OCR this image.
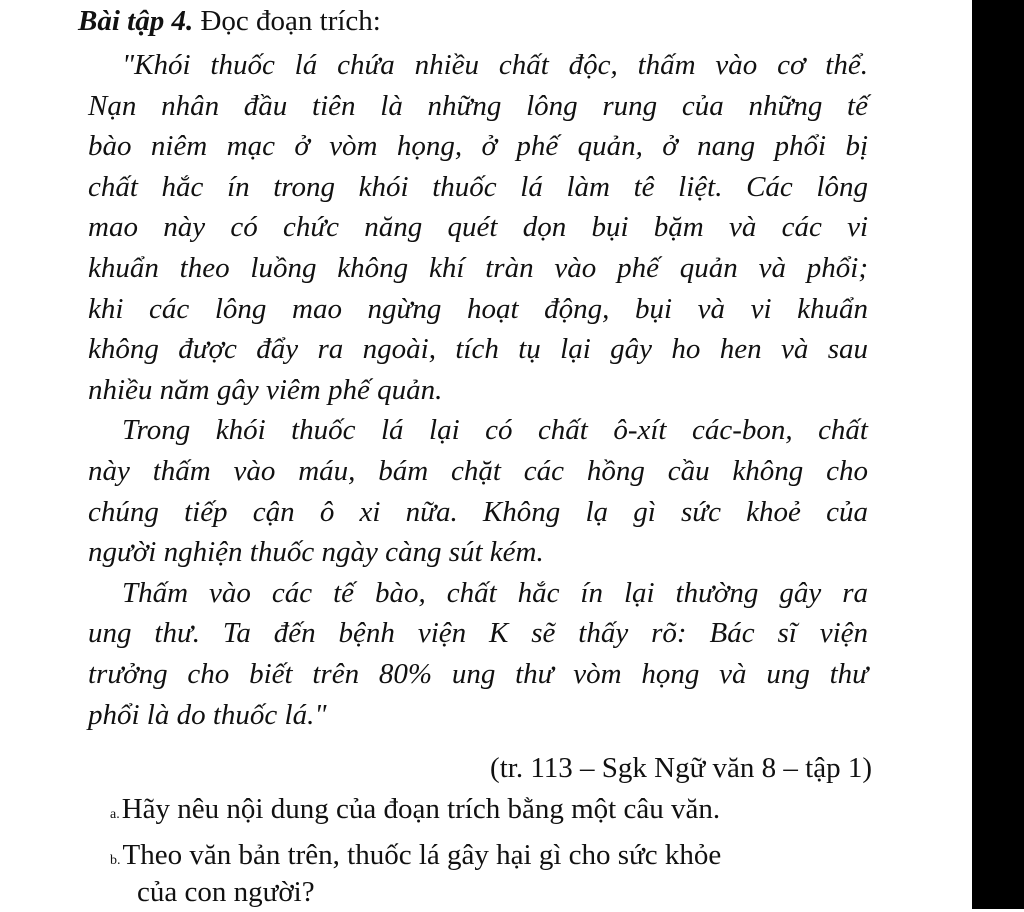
Bài tập 4. Đọc đoạn trích:
"Khói thuốc lá chứa nhiều chất độc, thấm vào cơ thể.
Nạn nhân đầu tiên là những lông rung của những tế
bào niêm mạc ở vòm họng, ở phế quản, ở nang phổi bị
chất hắc ín trong khói thuốc lá làm tê liệt. Các lông
mao này có chức năng quét dọn bụi bặm và các vi
khuẩn theo luồng không khí tràn vào phế quản và phổi;
khi các lông mao ngừng hoạt động, bụi và vi khuẩn
không được đẩy ra ngoài, tích tụ lại gây ho hen và sau
nhiều năm gây viêm phế quản.
Trong khói thuốc lá lại có chất ô-xít các-bon, chất
này thấm vào máu, bám chặt các hồng cầu không cho
chúng tiếp cận ô xi nữa. Không lạ gì sức khoẻ của
người nghiện thuốc ngày càng sút kém.
Thấm vào các tế bào, chất hắc ín lại thường gây ra
ung thư. Ta đến bệnh viện K sẽ thấy rõ: Bác sĩ viện
trưởng cho biết trên 80% ung thư vòm họng và ung thư
phổi là do thuốc lá."
(tr. 113 – Sgk Ngữ văn 8 – tập 1)
a.Hãy nêu nội dung của đoạn trích bằng một câu văn.
b.Theo văn bản trên, thuốc lá gây hại gì cho sức khỏe
của con người?
